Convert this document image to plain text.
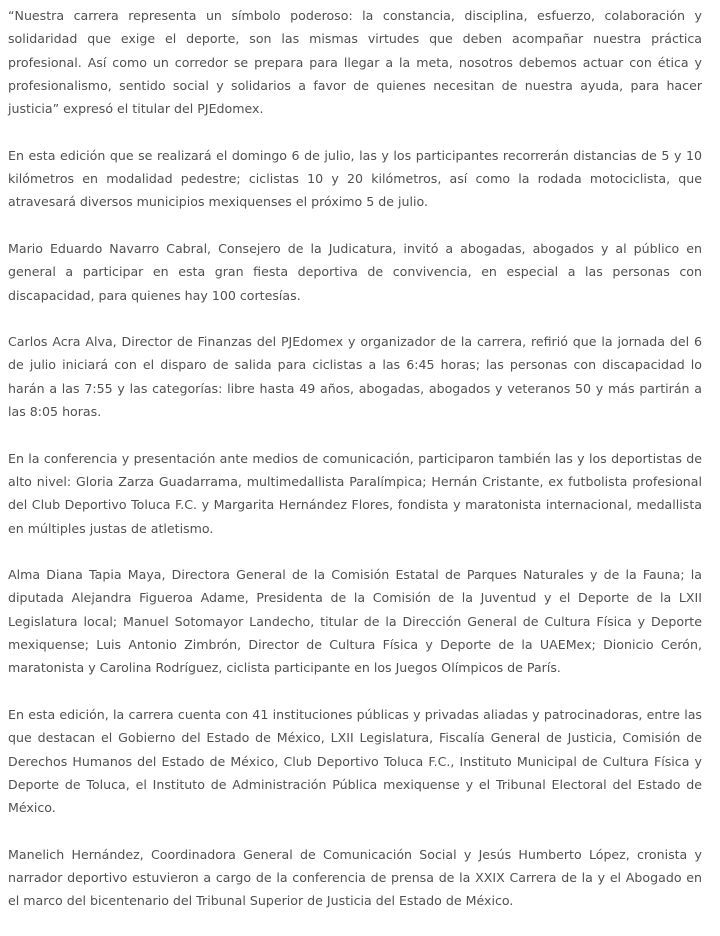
“Nuestra carrera representa un símbolo poderoso: la constancia, disciplina, esfuerzo, colaboración y solidaridad que exige el deporte, son las mismas virtudes que deben acompañar nuestra práctica profesional. Así como un corredor se prepara para llegar a la meta, nosotros debemos actuar con ética y profesionalismo, sentido social y solidarios a favor de quienes necesitan de nuestra ayuda, para hacer justicia” expresó el titular del PJEdomex.

En esta edición que se realizará el domingo 6 de julio, las y los participantes recorrerán distancias de 5 y 10 kilómetros en modalidad pedestre; ciclistas 10 y 20 kilómetros, así como la rodada motociclista, que atravesará diversos municipios mexiquenses el próximo 5 de julio.

Mario Eduardo Navarro Cabral, Consejero de la Judicatura, invitó a abogadas, abogados y al público en general a participar en esta gran fiesta deportiva de convivencia, en especial a las personas con discapacidad, para quienes hay 100 cortesías.

Carlos Acra Alva, Director de Finanzas del PJEdomex y organizador de la carrera, refirió que la jornada del 6 de julio iniciará con el disparo de salida para ciclistas a las 6:45 horas; las personas con discapacidad lo harán a las 7:55 y las categorías: libre hasta 49 años, abogadas, abogados y veteranos 50 y más partirán a las 8:05 horas.

En la conferencia y presentación ante medios de comunicación, participaron también las y los deportistas de alto nivel: Gloria Zarza Guadarrama, multimedallista Paralímpica; Hernán Cristante, ex futbolista profesional del Club Deportivo Toluca F.C. y Margarita Hernández Flores, fondista y maratonista internacional, medallista en múltiples justas de atletismo.

Alma Diana Tapia Maya, Directora General de la Comisión Estatal de Parques Naturales y de la Fauna; la diputada Alejandra Figueroa Adame, Presidenta de la Comisión de la Juventud y el Deporte de la LXII Legislatura local; Manuel Sotomayor Landecho, titular de la Dirección General de Cultura Física y Deporte mexiquense; Luis Antonio Zimbrón, Director de Cultura Física y Deporte de la UAEMex; Dionicio Cerón, maratonista y Carolina Rodríguez, ciclista participante en los Juegos Olímpicos de París.

En esta edición, la carrera cuenta con 41 instituciones públicas y privadas aliadas y patrocinadoras, entre las que destacan el Gobierno del Estado de México, LXII Legislatura, Fiscalía General de Justicia, Comisión de Derechos Humanos del Estado de México, Club Deportivo Toluca F.C., Instituto Municipal de Cultura Física y Deporte de Toluca, el Instituto de Administración Pública mexiquense y el Tribunal Electoral del Estado de México.

Manelich Hernández, Coordinadora General de Comunicación Social y Jesús Humberto López, cronista y narrador deportivo estuvieron a cargo de la conferencia de prensa de la XXIX Carrera de la y el Abogado en el marco del bicentenario del Tribunal Superior de Justicia del Estado de México.
